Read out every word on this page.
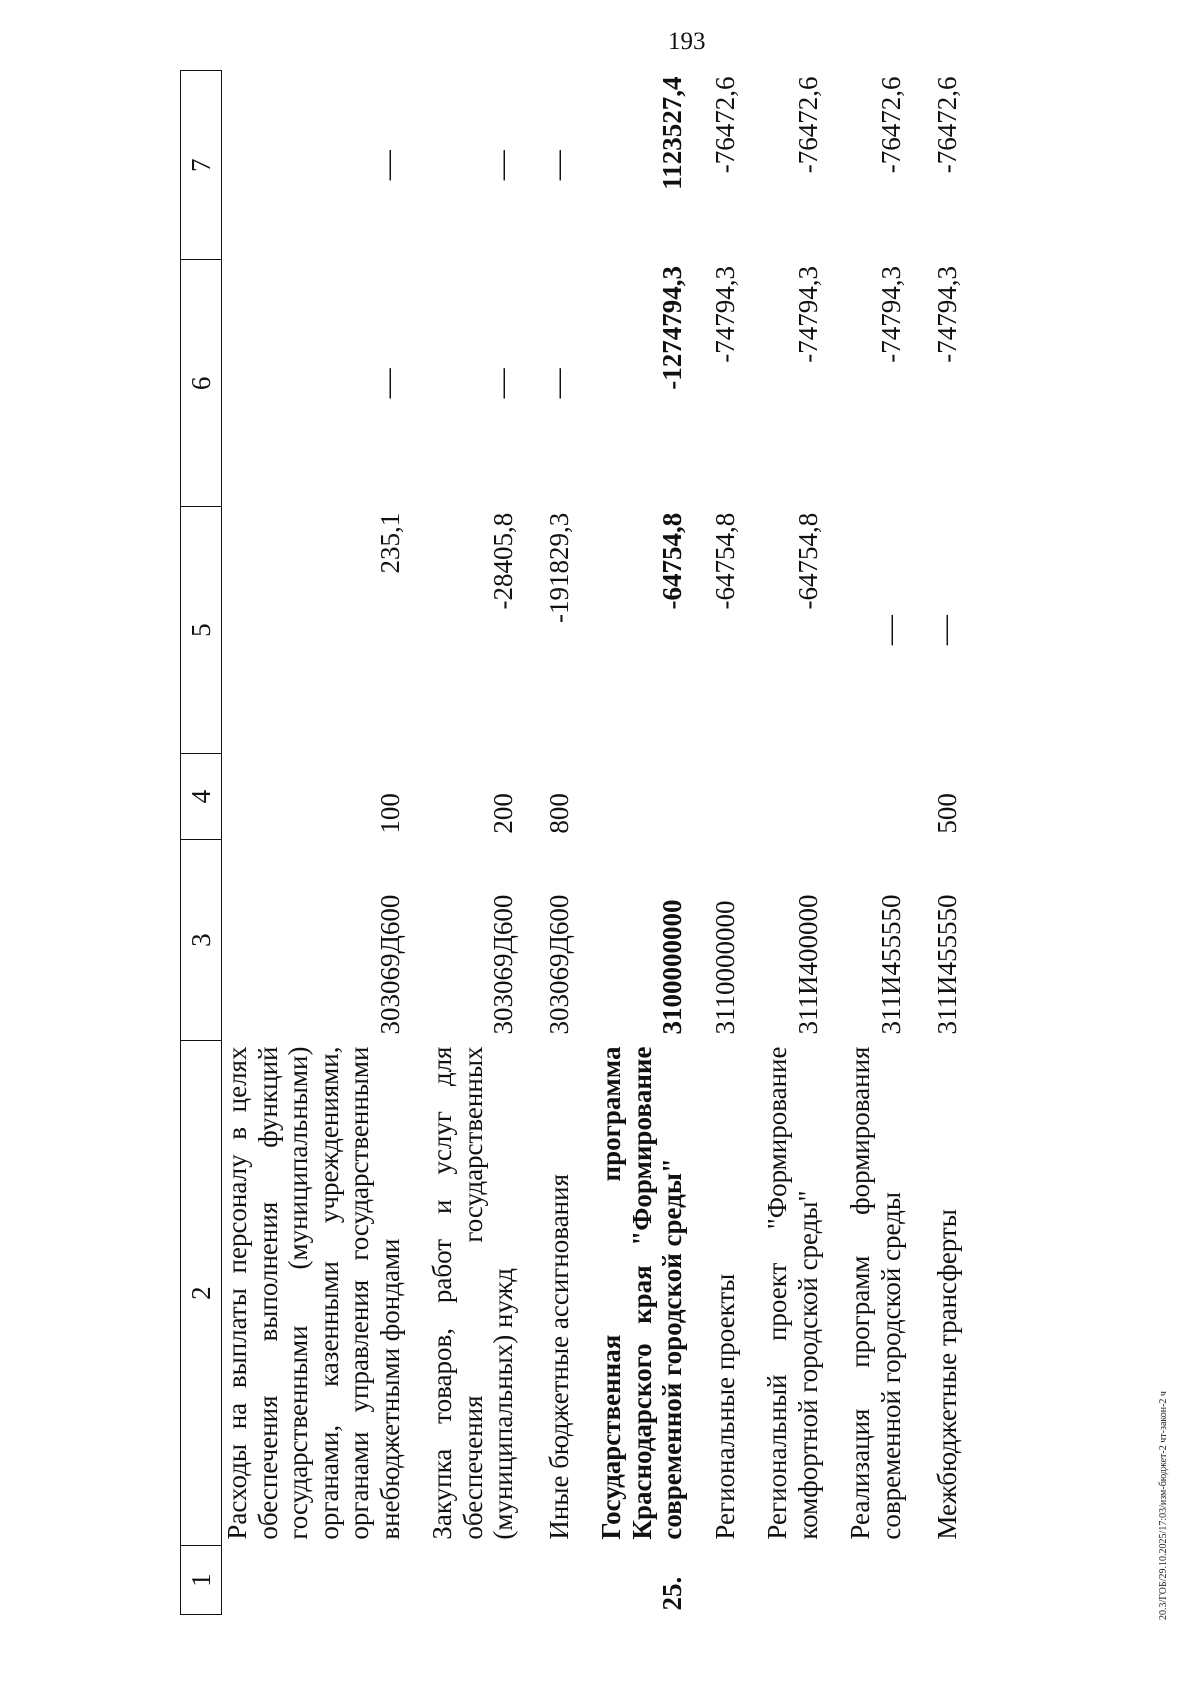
193
20.3/ГОБ/29.10.2025/17:03/изм-бюджет-2 чт-закон-2 ч
1	2	3	4	5	6	7
	Расходы на выплаты персоналу в целях обеспечения выполнения функций государственными (муниципальными) органами, казенными учреждениями, органами управления государственными внебюджетными фондами	303069Д600	100	235,1	—	—
	Закупка товаров, работ и услуг для обеспечения государственных (муниципальных) нужд	303069Д600	200	-28405,8	—	—
	Иные бюджетные ассигнования	303069Д600	800	-191829,3	—	—
25.	Государственная программа Краснодарского края "Формирование современной городской среды"	3100000000		-64754,8	-1274794,3	1123527,4
	Региональные проекты	3110000000		-64754,8	-74794,3	-76472,6
	Региональный проект "Формирование комфортной городской среды"	311И400000		-64754,8	-74794,3	-76472,6
	Реализация программ формирования современной городской среды	311И455550		—	-74794,3	-76472,6
	Межбюджетные трансферты	311И455550	500	—	-74794,3	-76472,6
